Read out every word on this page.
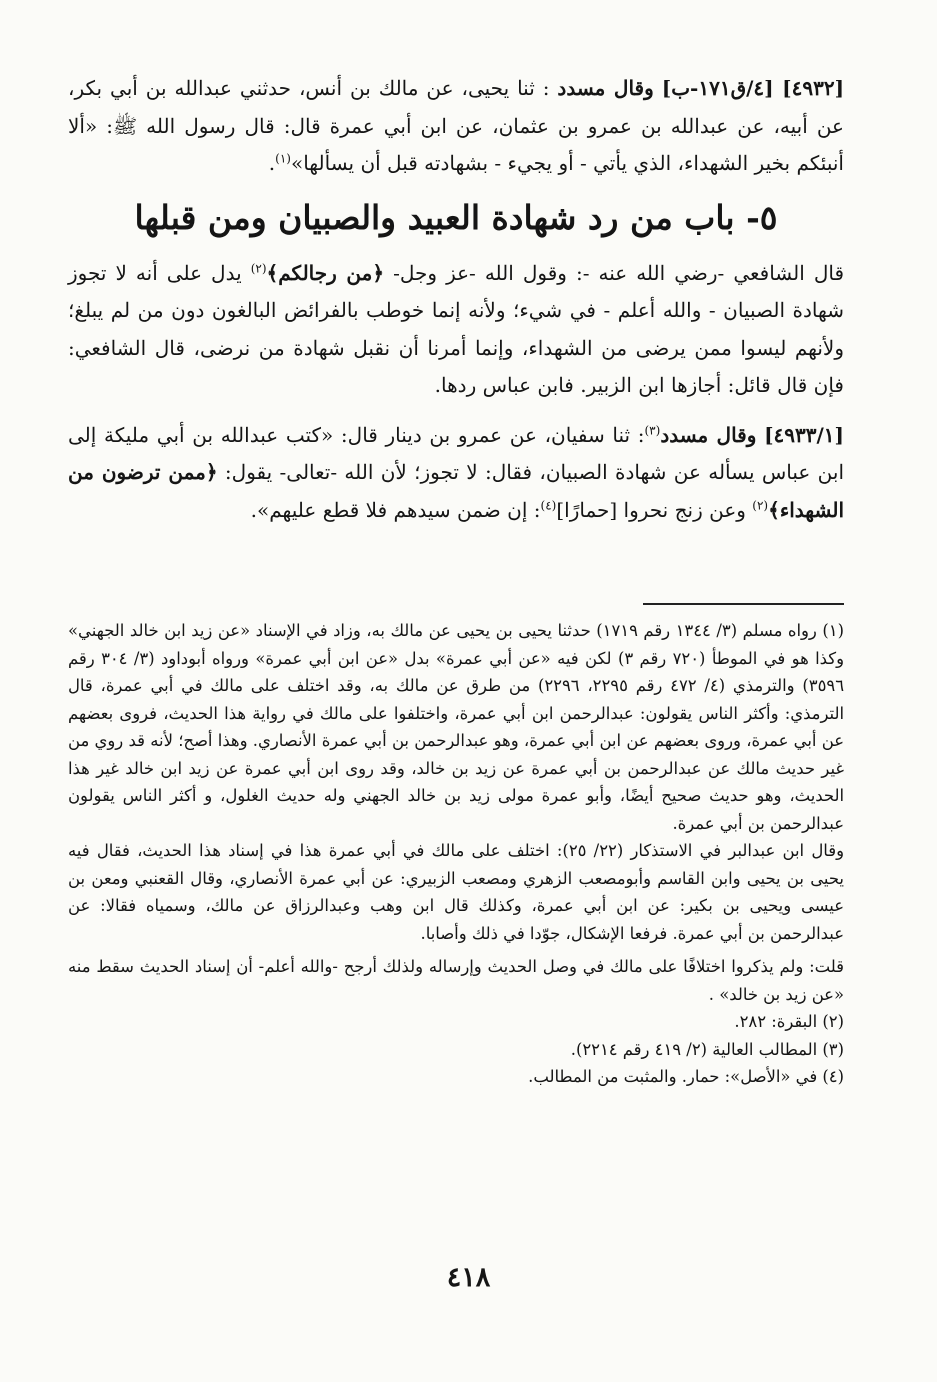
[٤٩٣٢] [٤/ق١٧١-ب] وقال مسدد : ثنا يحيى، عن مالك بن أنس، حدثني عبدالله بن أبي بكر، عن أبيه، عن عبدالله بن عمرو بن عثمان، عن ابن أبي عمرة قال: قال رسول الله ﷺ: «ألا أنبئكم بخير الشهداء، الذي يأتي - أو يجيء - بشهادته قبل أن يسألها»$^{(١)}$.

٥- باب من رد شهادة العبيد والصبيان ومن قبلها

قال الشافعي -رضي الله عنه -: وقول الله -عز وجل- ﴿من رجالكم﴾$^{(٢)}$ يدل على أنه لا تجوز شهادة الصبيان - والله أعلم - في شيء؛ ولأنه إنما خوطب بالفرائض البالغون دون من لم يبلغ؛ ولأنهم ليسوا ممن يرضى من الشهداء، وإنما أمرنا أن نقبل شهادة من نرضى، قال الشافعي: فإن قال قائل: أجازها ابن الزبير. فابن عباس ردها.

[٤٩٣٣/١] وقال مسدد$^{(٣)}$: ثنا سفيان، عن عمرو بن دينار قال: «كتب عبدالله بن أبي مليكة إلى ابن عباس يسأله عن شهادة الصبيان، فقال: لا تجوز؛ لأن الله -تعالى- يقول: ﴿ممن ترضون من الشهداء﴾$^{(٢)}$ وعن زنج نحروا [حمارًا]$^{(٤)}$: إن ضمن سيدهم فلا قطع عليهم».

(١) رواه مسلم (٣/ ١٣٤٤ رقم ١٧١٩) حدثنا يحيى بن يحيى عن مالك به، وزاد في الإسناد «عن زيد ابن خالد الجهني» وكذا هو في الموطأ (٧٢٠ رقم ٣) لكن فيه «عن أبي عمرة» بدل «عن ابن أبي عمرة» ورواه أبوداود (٣/ ٣٠٤ رقم ٣٥٩٦) والترمذي (٤/ ٤٧٢ رقم ٢٢٩٥، ٢٢٩٦) من طرق عن مالك به، وقد اختلف على مالك في أبي عمرة، قال الترمذي: وأكثر الناس يقولون: عبدالرحمن ابن أبي عمرة، واختلفوا على مالك في رواية هذا الحديث، فروى بعضهم عن أبي عمرة، وروى بعضهم عن ابن أبي عمرة، وهو عبدالرحمن بن أبي عمرة الأنصاري. وهذا أصح؛ لأنه قد روي من غير حديث مالك عن عبدالرحمن بن أبي عمرة عن زيد بن خالد، وقد روى ابن أبي عمرة عن زيد ابن خالد غير هذا الحديث، وهو حديث صحيح أيضًا، وأبو عمرة مولى زيد بن خالد الجهني وله حديث الغلول، و أكثر الناس يقولون عبدالرحمن بن أبي عمرة.

وقال ابن عبدالبر في الاستذكار (٢٢/ ٢٥): اختلف على مالك في أبي عمرة هذا في إسناد هذا الحديث، فقال فيه يحيى بن يحيى وابن القاسم وأبومصعب الزهري ومصعب الزبيري: عن أبي عمرة الأنصاري، وقال القعنبي ومعن بن عيسى ويحيى بن بكير: عن ابن أبي عمرة، وكذلك قال ابن وهب وعبدالرزاق عن مالك، وسمياه فقالا: عن عبدالرحمن بن أبي عمرة. فرفعا الإشكال، جوّدا في ذلك وأصابا.

قلت: ولم يذكروا اختلافًا على مالك في وصل الحديث وإرساله ولذلك أرجح -والله أعلم- أن إسناد الحديث سقط منه «عن زيد بن خالد» .

(٢) البقرة: ٢٨٢.

(٣) المطالب العالية (٢/ ٤١٩ رقم ٢٢١٤).

(٤) في «الأصل»: حمار. والمثبت من المطالب.

٤١٨
